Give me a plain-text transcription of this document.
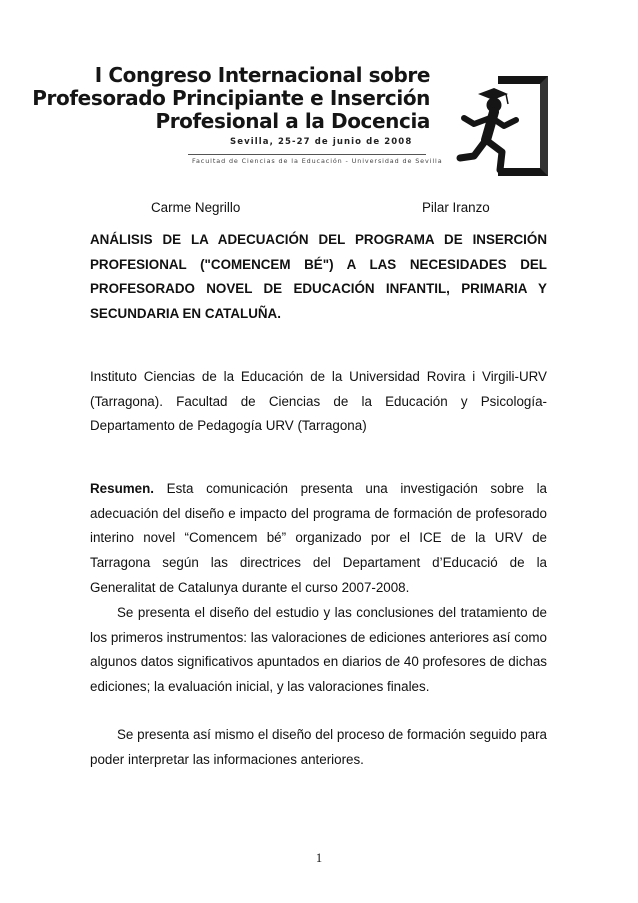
I Congreso Internacional sobre
Profesorado Principiante e Inserción
Profesional a la Docencia
Sevilla, 25-27 de junio de 2008
Facultad de Ciencias de la Educación - Universidad de Sevilla
Carme Negrillo	Pilar Iranzo

ANÁLISIS DE LA ADECUACIÓN DEL PROGRAMA DE INSERCIÓN PROFESIONAL ("COMENCEM BÉ") A LAS NECESIDADES DEL PROFESORADO NOVEL DE EDUCACIÓN INFANTIL, PRIMARIA Y SECUNDARIA EN CATALUÑA.

Instituto Ciencias de la Educación de la Universidad Rovira i Virgili-URV (Tarragona). Facultad de Ciencias de la Educación y Psicología-Departamento de Pedagogía URV (Tarragona)

Resumen. Esta comunicación presenta una investigación sobre la adecuación del diseño e impacto del programa de formación de profesorado interino novel “Comencem bé” organizado por el ICE de la URV de Tarragona según las directrices del Departament d’Educació de la Generalitat de Catalunya durante el curso 2007-2008.

Se presenta el diseño del estudio y las conclusiones del tratamiento de los primeros instrumentos: las valoraciones de ediciones anteriores así como algunos datos significativos apuntados en diarios de 40 profesores de dichas ediciones; la evaluación inicial, y las valoraciones finales.

Se presenta así mismo el diseño del proceso de formación seguido para poder interpretar las informaciones anteriores.

1
